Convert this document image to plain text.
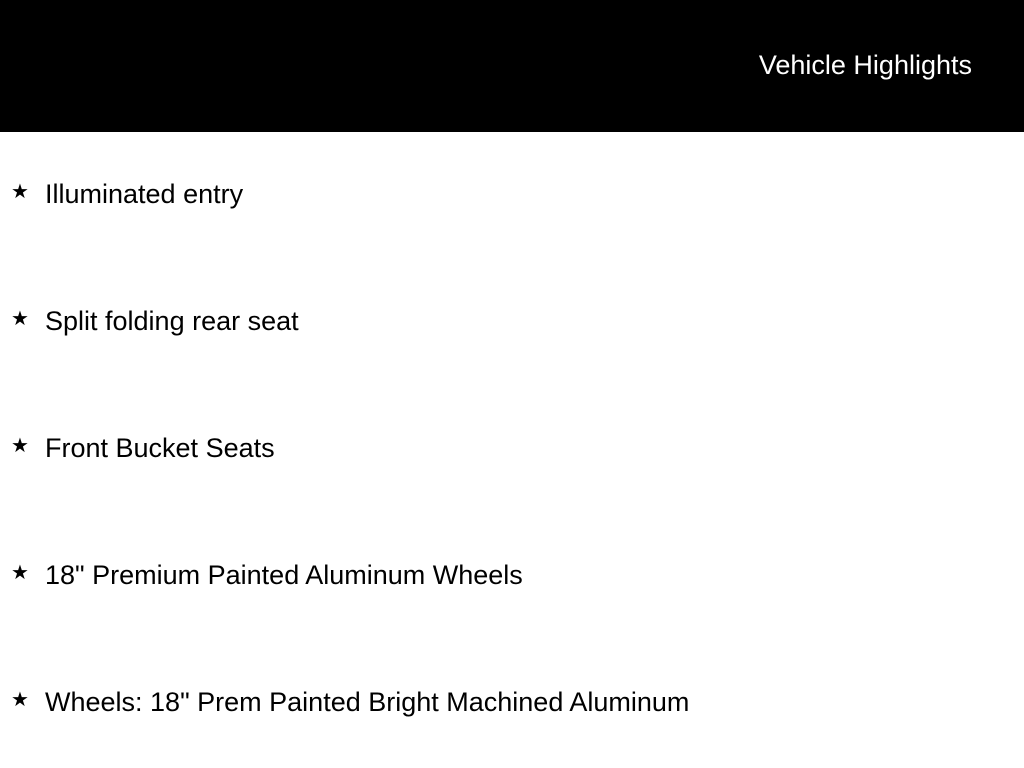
Vehicle Highlights
★ Illuminated entry
★ Split folding rear seat
★ Front Bucket Seats
★ 18" Premium Painted Aluminum Wheels
★ Wheels: 18" Prem Painted Bright Machined Aluminum
